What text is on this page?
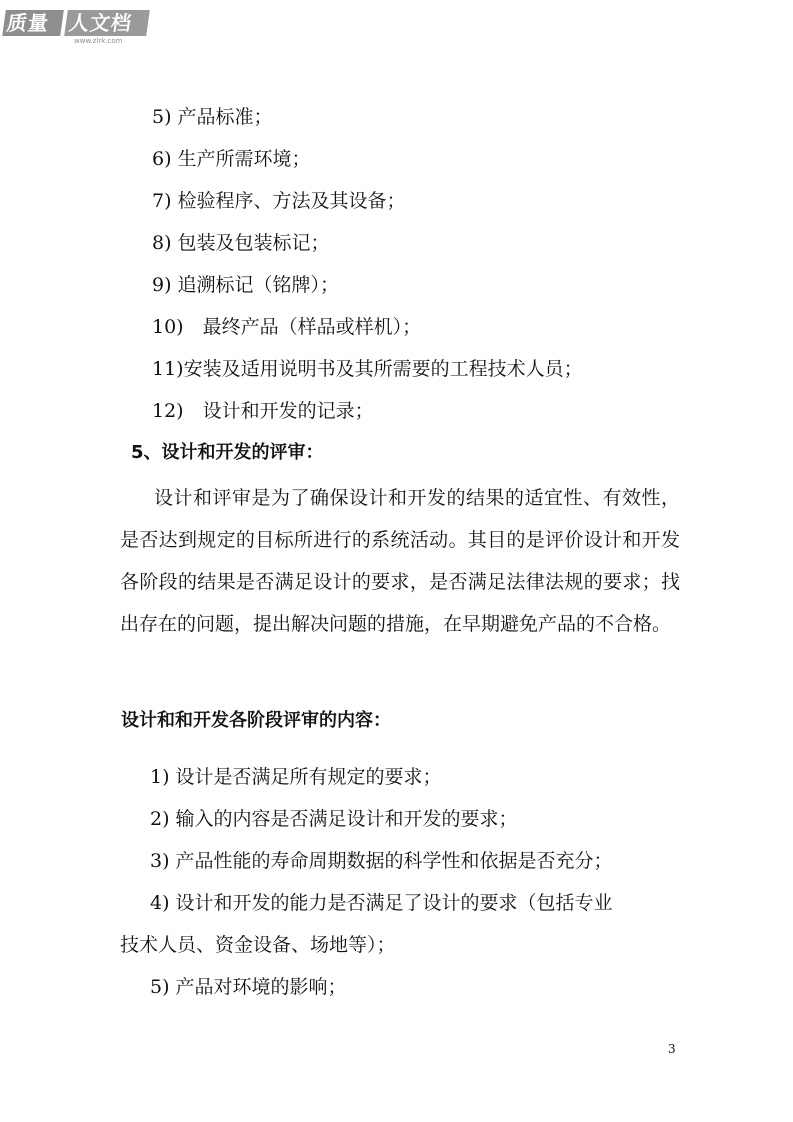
质量 人文档
www.zlrk.com
5) 产品标准；
6) 生产所需环境；
7) 检验程序、方法及其设备；
8) 包装及包装标记；
9) 追溯标记（铭牌）；
10)　最终产品（样品或样机）；
11)安装及适用说明书及其所需要的工程技术人员；
12)　设计和开发的记录；
5、设计和开发的评审：
设计和评审是为了确保设计和开发的结果的适宜性、有效性，是否达到规定的目标所进行的系统活动。其目的是评价设计和开发各阶段的结果是否满足设计的要求，是否满足法律法规的要求；找出存在的问题，提出解决问题的措施，在早期避免产品的不合格。
设计和和开发各阶段评审的内容：
1) 设计是否满足所有规定的要求；
2) 输入的内容是否满足设计和开发的要求；
3) 产品性能的寿命周期数据的科学性和依据是否充分；
4) 设计和开发的能力是否满足了设计的要求（包括专业
技术人员、资金设备、场地等）；
5) 产品对环境的影响；
3
